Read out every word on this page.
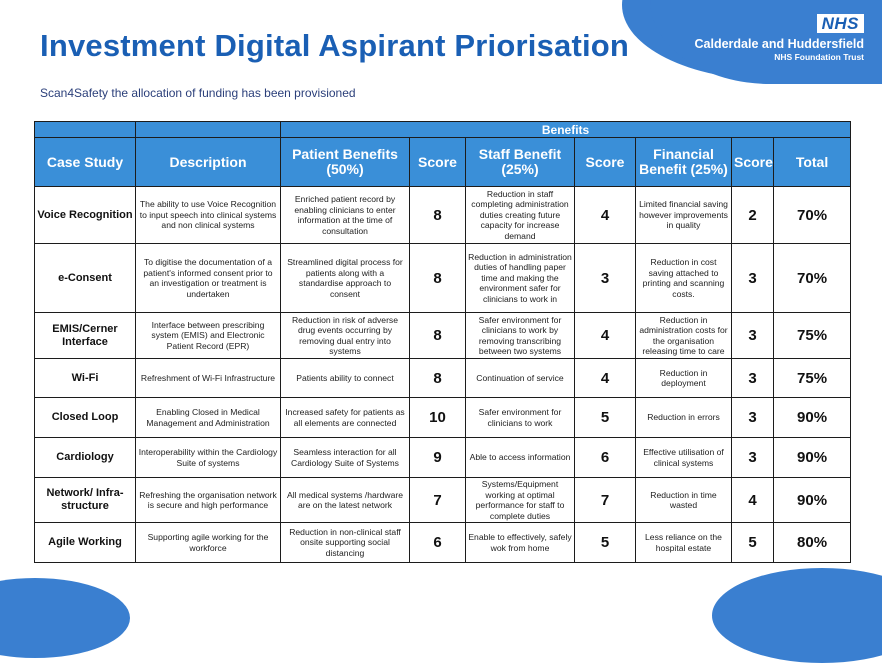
NHS
Calderdale and Huddersfield
NHS Foundation Trust
Investment Digital Aspirant Priorisation
Scan4Safety the allocation of funding has been provisioned
		Benefits						
Case Study	Description	Patient Benefits (50%)	Score	Staff Benefit (25%)	Score	Financial Benefit (25%)	Score	Total
Voice Recognition	The ability to use Voice Recognition to input speech into clinical systems and non clinical systems	Enriched patient record by enabling clinicians to enter information at the time of consultation	8	Reduction in staff completing administration duties creating future capacity for increase demand	4	Limited financial saving however improvements in quality	2	70%
e-Consent	To digitise the documentation of a patient's informed consent prior to an investigation or treatment is undertaken	Streamlined digital process for patients along with a standardise approach to consent	8	Reduction in administration duties of handling paper time and making the environment safer for clinicians to work in	3	Reduction in cost saving attached to printing and scanning costs.	3	70%
EMIS/Cerner Interface	Interface between prescribing system (EMIS) and Electronic Patient Record (EPR)	Reduction in risk of adverse drug events occurring by removing dual entry into systems	8	Safer environment for clinicians to work by removing transcribing between two systems	4	Reduction in administration costs for the organisation releasing time to care	3	75%
Wi-Fi	Refreshment of Wi-Fi Infrastructure	Patients ability to connect	8	Continuation of service	4	Reduction in deployment	3	75%
Closed Loop	Enabling Closed in Medical Management and Administration	Increased safety for patients as all elements are connected	10	Safer environment for clinicians to work	5	Reduction in errors	3	90%
Cardiology	Interoperability within the Cardiology Suite of systems	Seamless interaction for all Cardiology Suite of Systems	9	Able to access information	6	Effective utilisation of clinical systems	3	90%
Network/ Infra-structure	Refreshing the organisation network is secure and high performance	All medical systems /hardware are on the latest network	7	Systems/Equipment working at optimal performance for staff to complete duties	7	Reduction in time wasted	4	90%
Agile Working	Supporting agile working for the workforce	Reduction in non-clinical staff onsite supporting social distancing	6	Enable to effectively, safely wok from home	5	Less reliance on the hospital estate	5	80%
